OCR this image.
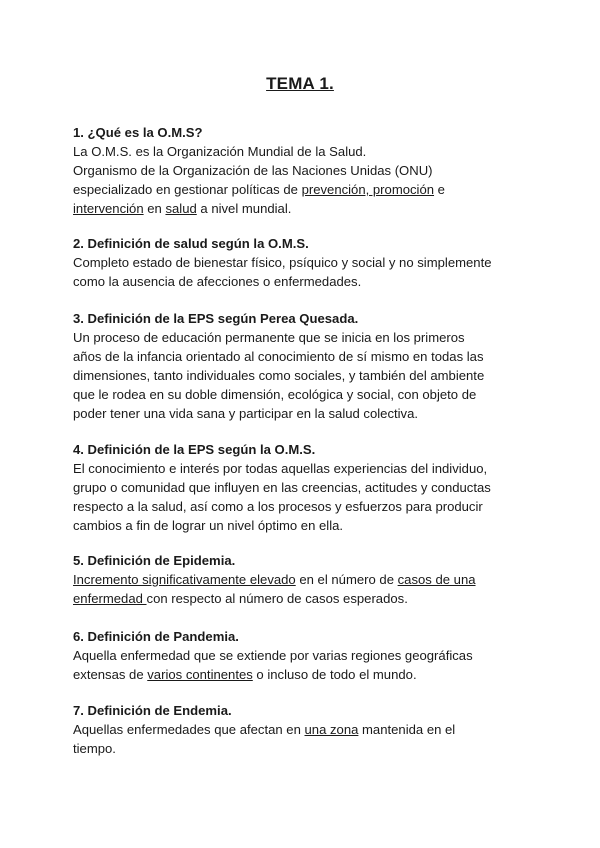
TEMA 1.
1. ¿Qué es la O.M.S?

La O.M.S. es la Organización Mundial de la Salud.

Organismo de la Organización de las Naciones Unidas (ONU)

especializado en gestionar políticas de prevención, promoción e

intervención en salud a nivel mundial.

2. Definición de salud según la O.M.S.

Completo estado de bienestar físico, psíquico y social y no simplemente

como la ausencia de afecciones o enfermedades.

3. Definición de la EPS según Perea Quesada.

Un proceso de educación permanente que se inicia en los primeros

años de la infancia orientado al conocimiento de sí mismo en todas las

dimensiones, tanto individuales como sociales, y también del ambiente

que le rodea en su doble dimensión, ecológica y social, con objeto de

poder tener una vida sana y participar en la salud colectiva.

4. Definición de la EPS según la O.M.S.

El conocimiento e interés por todas aquellas experiencias del individuo,

grupo o comunidad que influyen en las creencias, actitudes y conductas

respecto a la salud, así como a los procesos y esfuerzos para producir

cambios a fin de lograr un nivel óptimo en ella.

5. Definición de Epidemia.

Incremento significativamente elevado en el número de casos de una

enfermedad con respecto al número de casos esperados.

6. Definición de Pandemia.

Aquella enfermedad que se extiende por varias regiones geográficas

extensas de varios continentes o incluso de todo el mundo.

7. Definición de Endemia.

Aquellas enfermedades que afectan en una zona mantenida en el

tiempo.
